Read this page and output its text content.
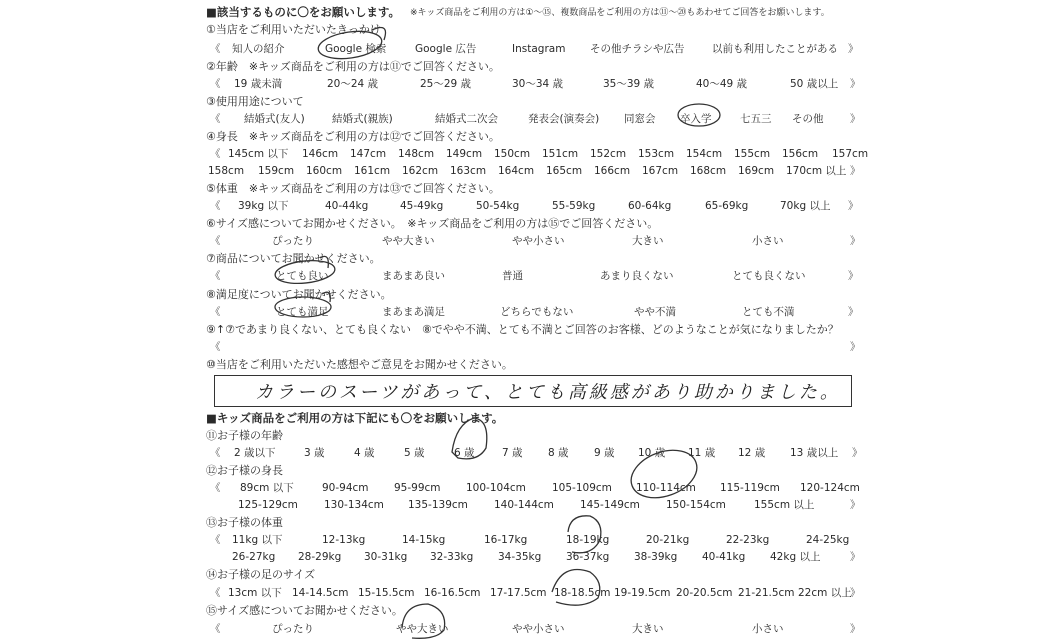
■該当するものに〇をお願いします。 ※キッズ商品をご利用の方は①〜⑮、複数商品をご利用の方は⑪〜⑳もあわせてご回答をお願いします。
①当店をご利用いただいたきっかけ
《 知人の紹介	Google 検索	Google 広告	Instagram その他チラシや広告	以前も利用したことがある 》
②年齢　※キッズ商品をご利用の方は⑪でご回答ください。
《 19 歳未満	20〜24 歳	25〜29 歳	30〜34 歳	35〜39 歳	40〜49 歳	50 歳以上 》
③使用用途について
《 結婚式(友人)	結婚式(親族)	結婚式二次会	発表会(演奏会) 同窓会 卒入学	七五三 その他	》
④身長　※キッズ商品をご利用の方は⑫でご回答ください。
《 145cm 以下 146cm 147cm 148cm 149cm 150cm 151cm 152cm 153cm 154cm 155cm 156cm 157cm
158cm 159cm 160cm 161cm 162cm 163cm 164cm 165cm 166cm 167cm 168cm 169cm 170cm 以上 》
⑤体重　※キッズ商品をご利用の方は⑬でご回答ください。
《 39kg 以下	40-44kg	45-49kg	50-54kg	55-59kg	60-64kg	65-69kg	70kg 以上 》
⑥サイズ感についてお聞かせください。　※キッズ商品をご利用の方は⑮でご回答ください。
《	ぴったり	やや大きい	やや小さい	大きい	小さい	》
⑦商品についてお聞かせください。
《	とても良い	まあまあ良い	普通	あまり良くない	とても良くない	》
⑧満足度についてお聞かせください。
《	とても満足	まあまあ満足	どちらでもない	やや不満	とても不満	》
⑨↑⑦であまり良くない、とても良くない　⑧でやや不満、とても不満とご回答のお客様、どのようなことが気になりましたか？
《	》
⑩当店をご利用いただいた感想やご意見をお聞かせください。
カラーのスーツがあって、とても高級感があり助かりました。
■キッズ商品をご利用の方は下記にも〇をお願いします。
⑪お子様の年齢
《 2 歳以下	3 歳	4 歳	5 歳	6 歳	7 歳 8 歳 9 歳 10 歳 11 歳 12 歳 13 歳以上 》
⑫お子様の身長
《 89cm 以下	90-94cm 95-99cm 100-104cm 105-109cm 110-114cm 115-119cm 120-124cm
125-129cm 130-134cm 135-139cm 140-144cm 145-149cm 150-154cm	155cm 以上	》
⑬お子様の体重
《 11kg 以下	12-13kg	14-15kg	16-17kg	18-19kg	20-21kg	22-23kg	24-25kg
26-27kg 28-29kg 30-31kg 32-33kg 34-35kg 36-37kg 38-39kg 40-41kg 42kg 以上	》
⑭お子様の足のサイズ
《 13cm 以下 14-14.5cm 15-15.5cm 16-16.5cm 17-17.5cm 18-18.5cm 19-19.5cm 20-20.5cm 21-21.5cm 22cm 以上
》
⑮サイズ感についてお聞かせください。
《	ぴったり	やや大きい	やや小さい	大きい	小さい	》
